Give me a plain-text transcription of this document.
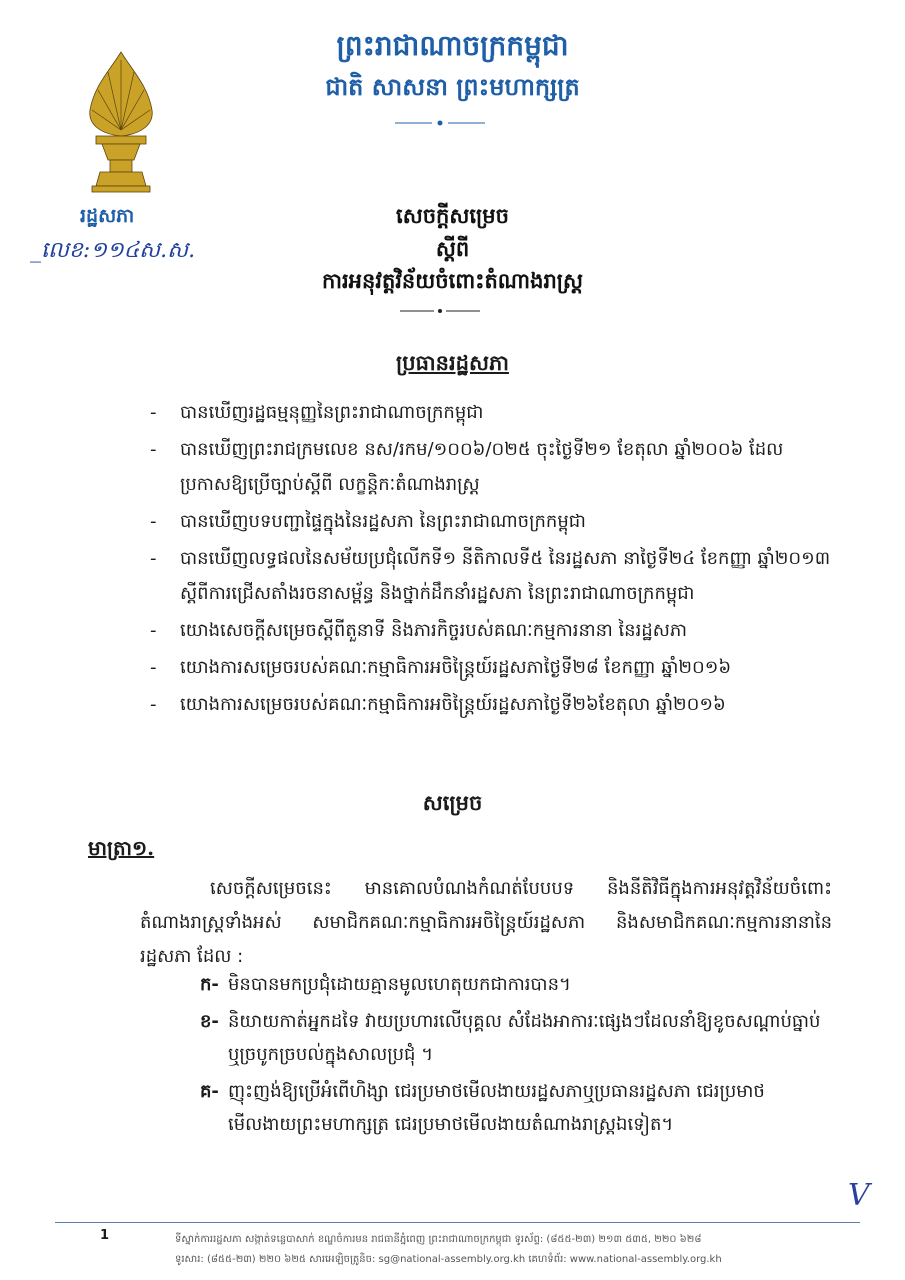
ព្រះរាជាណាចក្រកម្ពុជា
ជាតិ សាសនា ព្រះមហាក្សត្រ
រដ្ឋសភា
_លេខ:១១៤ស.ស.
សេចក្តីសម្រេច
ស្តីពី
ការអនុវត្តវិន័យចំពោះតំណាងរាស្ត្រ
ប្រធានរដ្ឋសភា
- បានឃើញរដ្ឋធម្មនុញ្ញនៃព្រះរាជាណាចក្រកម្ពុជា
- បានឃើញព្រះរាជក្រមលេខ នស/រកម/១០០៦/០២៥ ចុះថ្ងៃទី២១ ខែតុលា ឆ្នាំ២០០៦ ដែលប្រកាសឱ្យប្រើច្បាប់ស្តីពី លក្ខន្តិកៈតំណាងរាស្ត្រ
- បានឃើញបទបញ្ជាផ្ទៃក្នុងនៃរដ្ឋសភា នៃព្រះរាជាណាចក្រកម្ពុជា
- បានឃើញលទ្ធផលនៃសម័យប្រជុំលើកទី១ នីតិកាលទី៥ នៃរដ្ឋសភា នាថ្ងៃទី២៤ ខែកញ្ញា ឆ្នាំ២០១៣ ស្តីពីការជ្រើសតាំងរចនាសម្ព័ន្ធ និងថ្នាក់ដឹកនាំរដ្ឋសភា នៃព្រះរាជាណាចក្រកម្ពុជា
- យោងសេចក្តីសម្រេចស្តីពីតួនាទី និងភារកិច្ចរបស់គណៈកម្មការនានា នៃរដ្ឋសភា
- យោងការសម្រេចរបស់គណៈកម្មាធិការអចិន្ត្រៃយ៍រដ្ឋសភាថ្ងៃទី២៨ ខែកញ្ញា ឆ្នាំ២០១៦
- យោងការសម្រេចរបស់គណៈកម្មាធិការអចិន្ត្រៃយ៍រដ្ឋសភាថ្ងៃទី២៦ខែតុលា ឆ្នាំ២០១៦
សម្រេច
មាត្រា១.
សេចក្តីសម្រេចនេះ មានគោលបំណងកំណត់បែបបទ និងនីតិវិធីក្នុងការអនុវត្តវិន័យចំពោះតំណាងរាស្ត្រទាំងអស់ សមាជិកគណៈកម្មាធិការអចិន្ត្រៃយ៍រដ្ឋសភា និងសមាជិកគណៈកម្មការនានានៃរដ្ឋសភា ដែល :
ក- មិនបានមកប្រជុំដោយគ្មានមូលហេតុយកជាការបាន។
ខ- និយាយកាត់អ្នកដទៃ វាយប្រហារលើបុគ្គល សំដែងអាការៈផ្សេងៗដែលនាំឱ្យខូចសណ្តាប់ធ្នាប់ ឬច្របូកច្របល់ក្នុងសាលប្រជុំ ។
គ- ញុះញង់ឱ្យប្រើអំពើហិង្សា ជេរប្រមាថមើលងាយរដ្ឋសភាឬប្រធានរដ្ឋសភា ជេរប្រមាថមើលងាយព្រះមហាក្សត្រ ជេរប្រមាថមើលងាយតំណាងរាស្ត្រឯទៀត។
V
1	ទីស្នាក់ការរដ្ឋសភា សង្កាត់ទន្លេបាសាក់ ខណ្ឌចំការមន រាជធានីភ្នំពេញ ព្រះរាជាណាចក្រកម្ពុជា ទូរស័ព្ទ: (៨៥៥-២៣) ២១៣ ៥៣៥, ២២០ ៦២៨
ទូរសារ: (៨៥៥-២៣) ២២០ ៦២៥ សារអេឡិចត្រូនិច: sg@national-assembly.org.kh គេហទំព័រ: www.national-assembly.org.kh
